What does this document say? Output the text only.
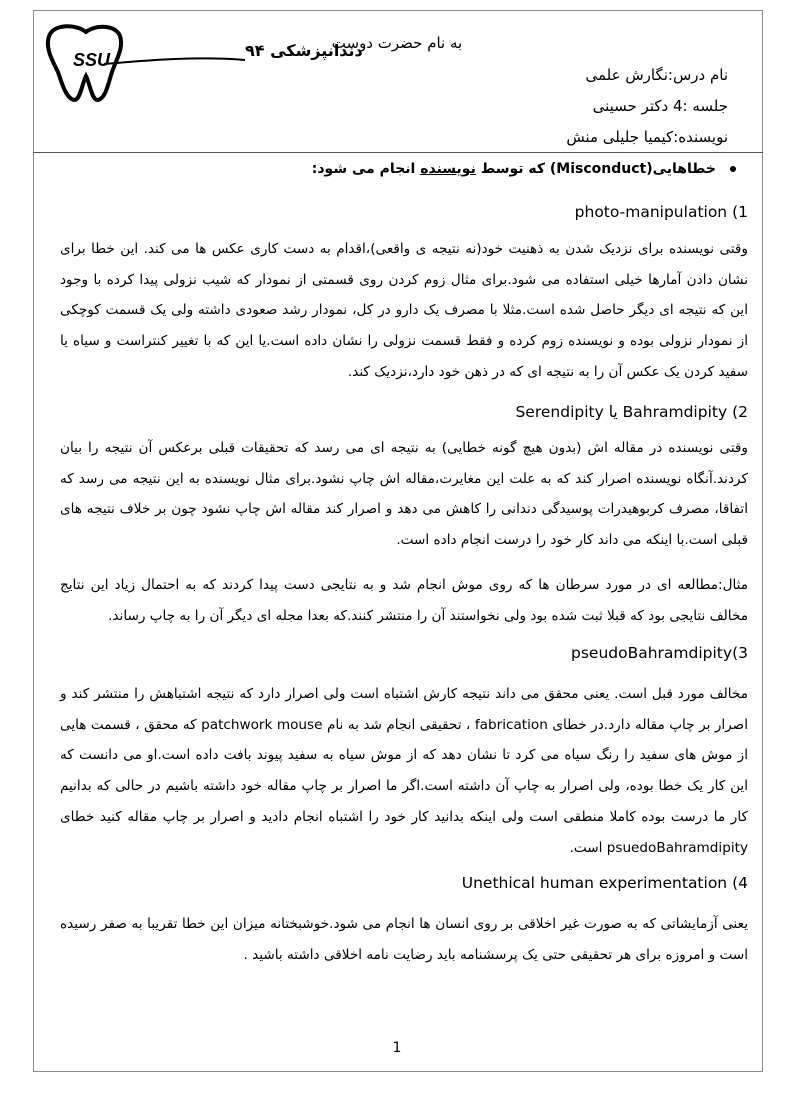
SSU	دندانپزشکی ۹۴
به نام حضرت دوست
نام درس:نگارش علمی
جلسه :4 دکتر حسینی
نویسنده:کیمیا جلیلی منش
خطاهایی(Misconduct) که توسط نویسنده انجام می شود:
1) photo-manipulation
وقتی نویسنده برای نزدیک شدن به ذهنیت خود(نه نتیجه ی واقعی)،اقدام به دست کاری عکس ها می کند. این خطا برای نشان دادن آمارها خیلی استفاده می شود.برای مثال زوم کردن روی قسمتی از نمودار که شیب نزولی پیدا کرده با وجود این که نتیجه ای دیگر حاصل شده است.مثلا با مصرف یک دارو در کل، نمودار رشد صعودی داشته ولی یک قسمت کوچکی از نمودار نزولی بوده و نویسنده زوم کرده و فقط قسمت نزولی را نشان داده است.یا این که با تغییر کنتراست و سیاه یا سفید کردن یک عکس آن را به نتیجه ای که در ذهن خود دارد،نزدیک کند.
2) Bahramdipity یا Serendipity
وقتی نویسنده در مقاله اش (بدون هیچ گونه خطایی) به نتیجه ای می رسد که تحقیقات قبلی برعکس آن نتیجه را بیان کردند.آنگاه نویسنده اصرار کند که به علت این مغایرت،مقاله اش چاپ نشود.برای مثال نویسنده به این نتیجه می رسد که اتفاقا، مصرف کربوهیدرات پوسیدگی دندانی را کاهش می دهد و اصرار کند مقاله اش چاپ نشود چون بر خلاف نتیجه های قبلی است.با اینکه می داند کار خود را درست انجام داده است.
مثال:مطالعه ای در مورد سرطان ها که روی موش انجام شد و به نتایجی دست پیدا کردند که به احتمال زیاد این نتایج مخالف نتایجی بود که قبلا ثبت شده بود ولی نخواستند آن را منتشر کنند.که بعدا مجله ای دیگر آن را به چاپ رساند.
3)pseudoBahramdipity
مخالف مورد قبل است. یعنی محقق می داند نتیجه کارش اشتباه است ولی اصرار دارد که نتیجه اشتباهش را منتشر کند و اصرار بر چاپ مقاله دارد.در خطای fabrication ، تحقیقی انجام شد به نام patchwork mouse که محقق ، قسمت هایی از موش های سفید را رنگ سیاه می کرد تا نشان دهد که از موش سیاه به سفید پیوند بافت داده است.او می دانست که این کار یک خطا بوده، ولی اصرار به چاپ آن داشته است.اگر ما اصرار بر چاپ مقاله خود داشته باشیم در حالی که بدانیم کار ما درست بوده کاملا منطقی است ولی اینکه بدانید کار خود را اشتباه انجام دادید و اصرار بر چاپ مقاله کنید خطای psuedoBahramdipity است.
4) Unethical human experimentation
یعنی آزمایشاتی که به صورت غیر اخلاقی بر روی انسان ها انجام می شود.خوشبختانه میزان این خطا تقریبا به صفر رسیده است و امروزه برای هر تحقیقی حتی یک پرسشنامه باید رضایت نامه اخلاقی داشته باشید .
1
